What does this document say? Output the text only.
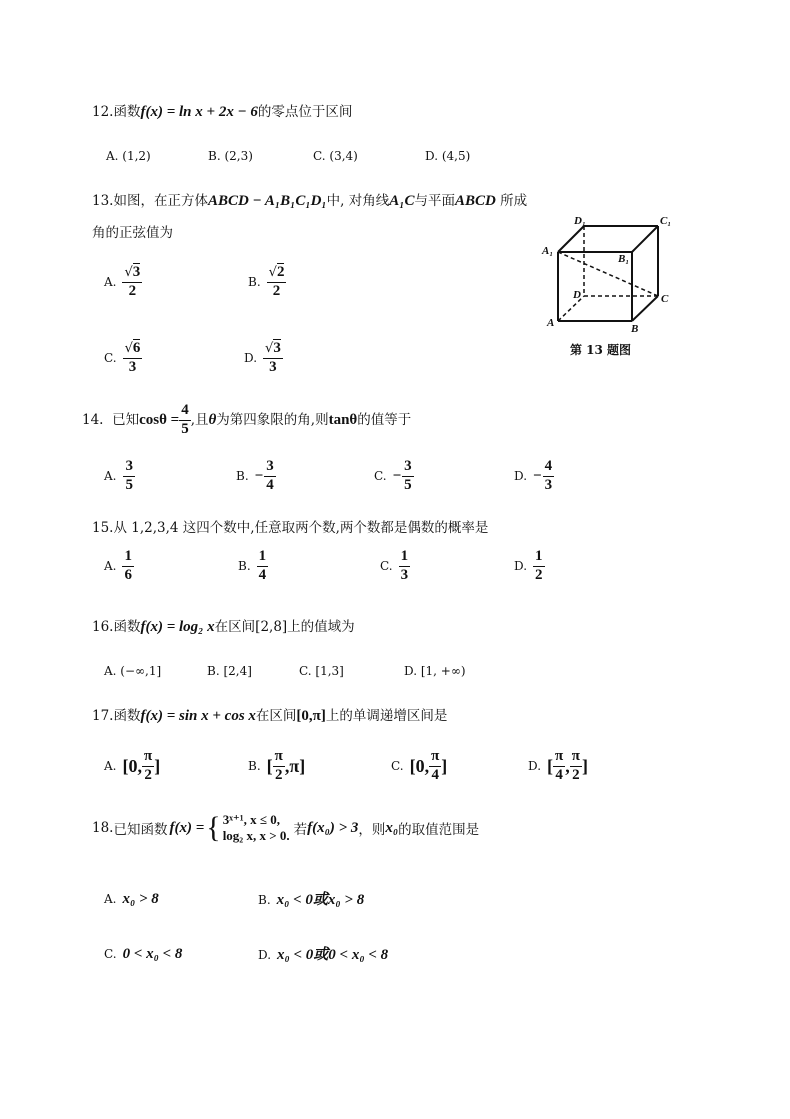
12.函数f(x) = ln x + 2x − 6的零点位于区间
A. (1,2)	B. (2,3)	C. (3,4)	D. (4,5)
13.如图，在正方体ABCD − A₁B₁C₁D₁中, 对角线A₁C与平面ABCD 所成
角的正弦值为
A. $\frac{√3}{2}$	B. $\frac{√2}{2}$
C. $\frac{√6}{3}$	D. $\frac{√3}{3}$
D₁	C₁
A₁
B₁
D	C
A	B
第 13 题图
14. 已知$\cos\theta = \frac{4}{5}$ ,且θ为第四象限的角,则tanθ的值等于
A. $\frac{3}{5}$	B. − $\frac{3}{4}$	C. − $\frac{3}{5}$	D. − $\frac{4}{3}$
15.从 1,2,3,4 这四个数中,任意取两个数,两个数都是偶数的概率是
A. $\frac{1}{6}$	B. $\frac{1}{4}$	C. $\frac{1}{3}$	D. $\frac{1}{2}$
16.函数f(x) = log₂ x在区间[2,8]上的值域为
A. (−∞,1]	B. [2,4]	C. [1,3]	D. [1, +∞)
17.函数f(x) = sin x + cos x在区间[0,π]上的单调递增区间是
A. [0, $\frac{\pi}{2}$ ]	B. [ $\frac{\pi}{2} ,\pi$]	C. [0, $\frac{\pi}{4}$ ]	D. [ $\frac{\pi}{4}$ , $\frac{\pi}{2}$ ]
18. 已知函数 f(x) = { 3ˣ⁺¹, x ≤ 0,
log₂ x, x > 0. 若 f(x₀) > 3 ，则 x₀ 的取值范围是
A. x₀ > 8	B. x₀ < 0或x₀ > 8
C. 0 < x₀ < 8	D. x₀ < 0或0 < x₀ < 8
